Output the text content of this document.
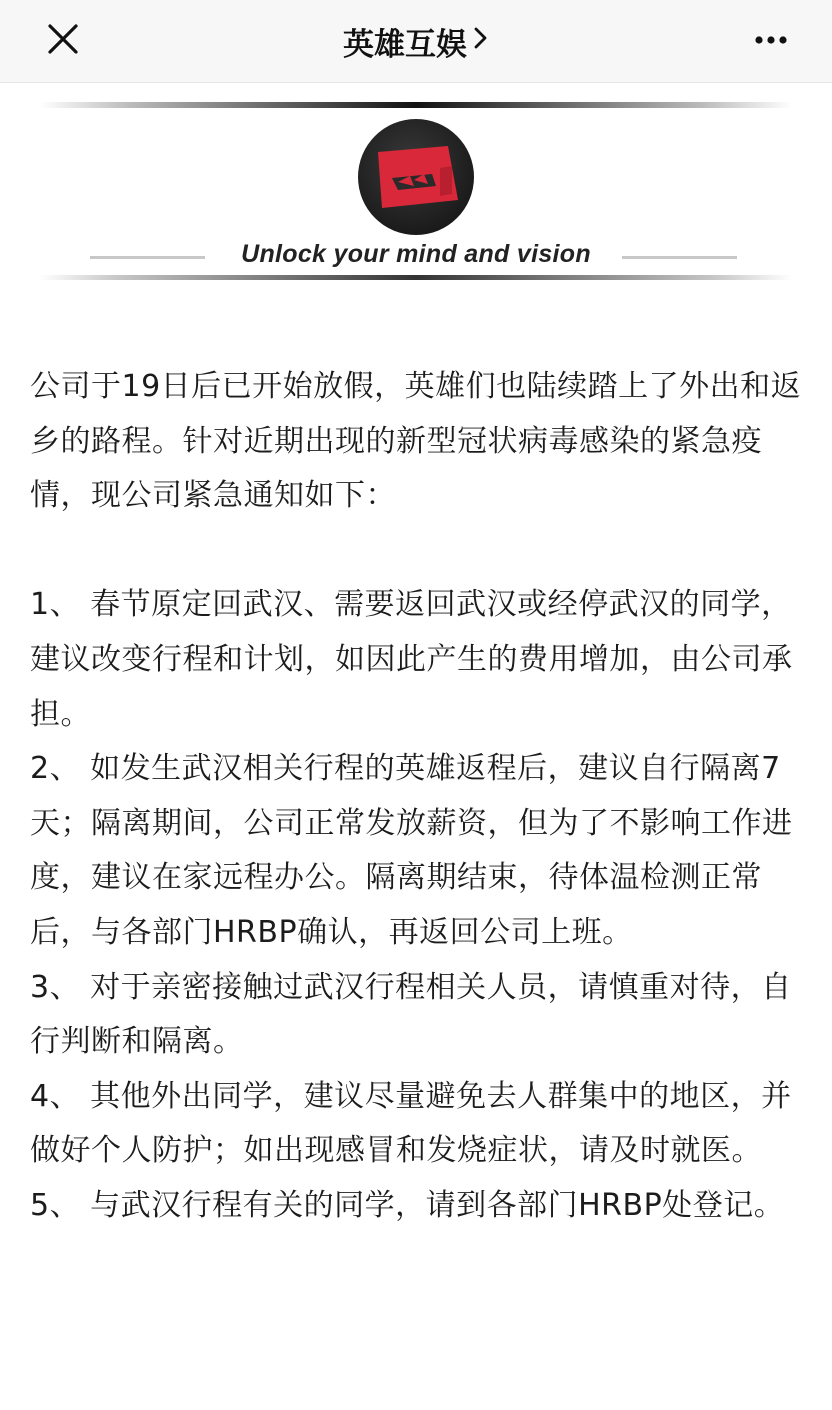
英雄互娱
Unlock your mind and vision

公司于19日后已开始放假，英雄们也陆续踏上了外出和返乡的路程。针对近期出现的新型冠状病毒感染的紧急疫情，现公司紧急通知如下：

1、 春节原定回武汉、需要返回武汉或经停武汉的同学，建议改变行程和计划，如因此产生的费用增加，由公司承担。

2、 如发生武汉相关行程的英雄返程后，建议自行隔离7天；隔离期间，公司正常发放薪资，但为了不影响工作进度，建议在家远程办公。隔离期结束，待体温检测正常后，与各部门HRBP确认，再返回公司上班。

3、 对于亲密接触过武汉行程相关人员，请慎重对待，自行判断和隔离。

4、 其他外出同学，建议尽量避免去人群集中的地区，并做好个人防护；如出现感冒和发烧症状，请及时就医。

5、 与武汉行程有关的同学，请到各部门HRBP处登记。
